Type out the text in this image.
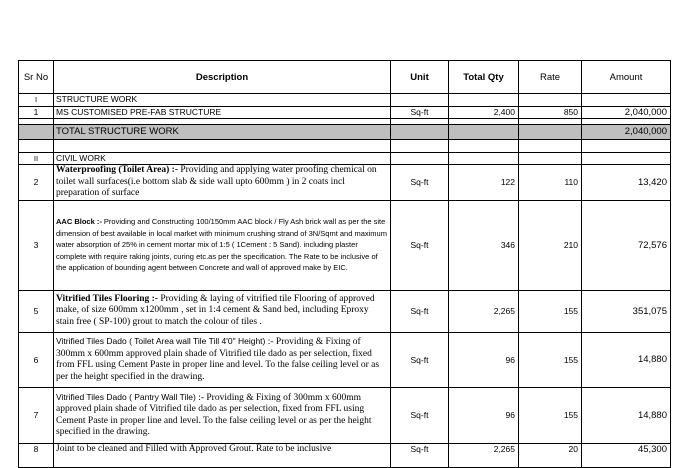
Sr No	Description	Unit	Total Qty	Rate	Amount
I	STRUCTURE WORK				
1	MS CUSTOMISED PRE-FAB STRUCTURE	Sq-ft	2,400	850	2,040,000

	TOTAL STRUCTURE WORK				2,040,000

II	CIVIL WORK				
2	Waterproofing (Toilet Area) :- Providing and applying water proofing chemical on toilet wall surfaces(i.e bottom slab & side wall upto 600mm ) in 2 coats incl preparation of surface	Sq-ft	122	110	13,420
3	AAC Block :- Providing and Constructing 100/150mm AAC block / Fly Ash brick wall as per the site dimension of best available in local market with minimum crushing strand of 3N/Sqmt and maximum water absorption of 25% in cement mortar mix of 1:5 ( 1Cement : 5 Sand). including plaster complete with require raking joints, curing etc.as per the specification. The Rate to be inclusive of the application of bounding agent between Concrete and wall of approved make by EIC.	Sq-ft	346	210	72,576
5	Vitrified Tiles Flooring :- Providing & laying of vitrified tile Flooring of approved make, of size 600mm x1200mm , set in 1:4 cement & Sand bed, including Eproxy stain free ( SP-100) grout to match the colour of tiles .	Sq-ft	2,265	155	351,075
6	Vitrified Tiles Dado ( Toilet Area wall Tile Till 4'0" Height) :- Providing & Fixing of 300mm x 600mm approved plain shade of Vitrified tile dado as per selection, fixed from FFL using Cement Paste in proper line and level. To the false ceiling level or as per the height specified in the drawing.	Sq-ft	96	155	14,880
7	Vitrified Tiles Dado ( Pantry Wall Tile) :- Providing & Fixing of 300mm x 600mm approved plain shade of Vitrified tile dado as per selection, fixed from FFL using Cement Paste in proper line and level. To the false ceiling level or as per the height specified in the drawing.	Sq-ft	96	155	14,880
8	Joint to be cleaned and Filled with Approved Grout. Rate to be inclusive	Sq-ft	2,265	20	45,300
